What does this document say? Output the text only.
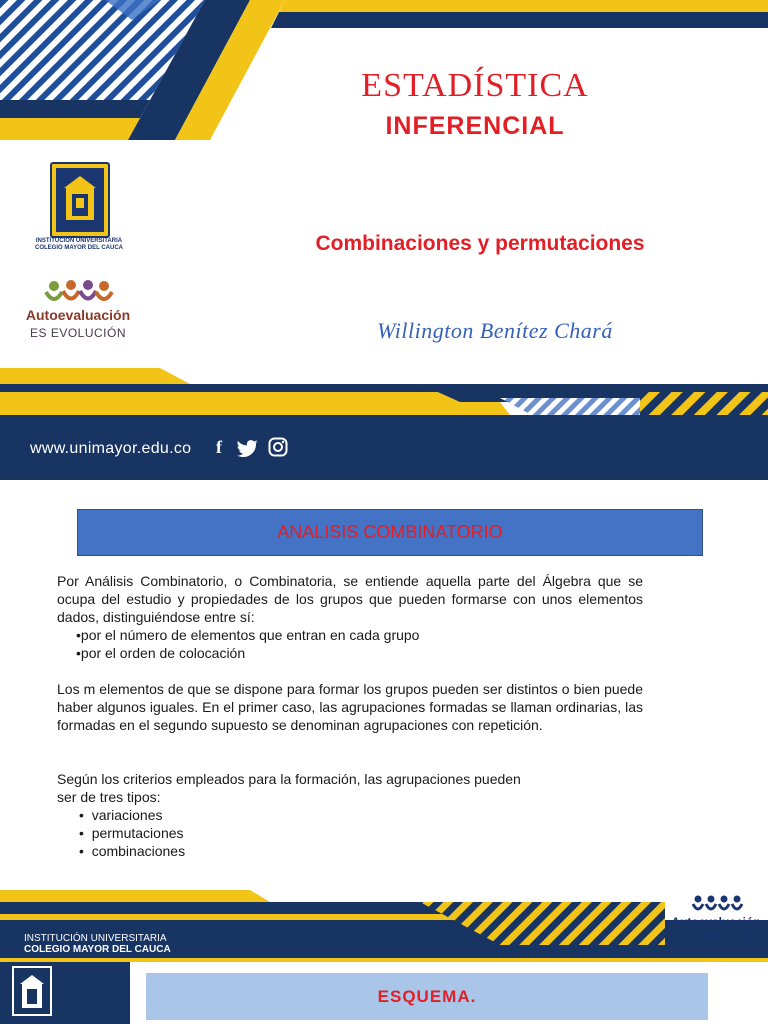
ESTADÍSTICA
INFERENCIAL
INSTITUCIÓN UNIVERSITARIA
COLEGIO MAYOR DEL CAUCA	Combinaciones y permutaciones
Autoevaluación
ES EVOLUCIÓN	Willington Benítez Chará
www.unimayor.edu.co	f
ANALISIS COMBINATORIO

Por Análisis Combinatorio, o Combinatoria, se entiende aquella parte del Álgebra que se ocupa del estudio y propiedades de los grupos que pueden formarse con unos elementos dados, distinguiéndose entre sí:

•por el número de elementos que entran en cada grupo

•por el orden de colocación

Los m elementos de que se dispone para formar los grupos pueden ser distintos o bien puede haber algunos iguales. En el primer caso, las agrupaciones formadas se llaman ordinarias, las formadas en el segundo supuesto se denominan agrupaciones con repetición.

Según los criterios empleados para la formación, las agrupaciones pueden

ser de tres tipos:

•  variaciones

•  permutaciones

•  combinaciones

INSTITUCIÓN UNIVERSITARIA
COLEGIO MAYOR DEL CAUCA
Autoevaluación
ES EVOLUCIÓN
ESQUEMA.
